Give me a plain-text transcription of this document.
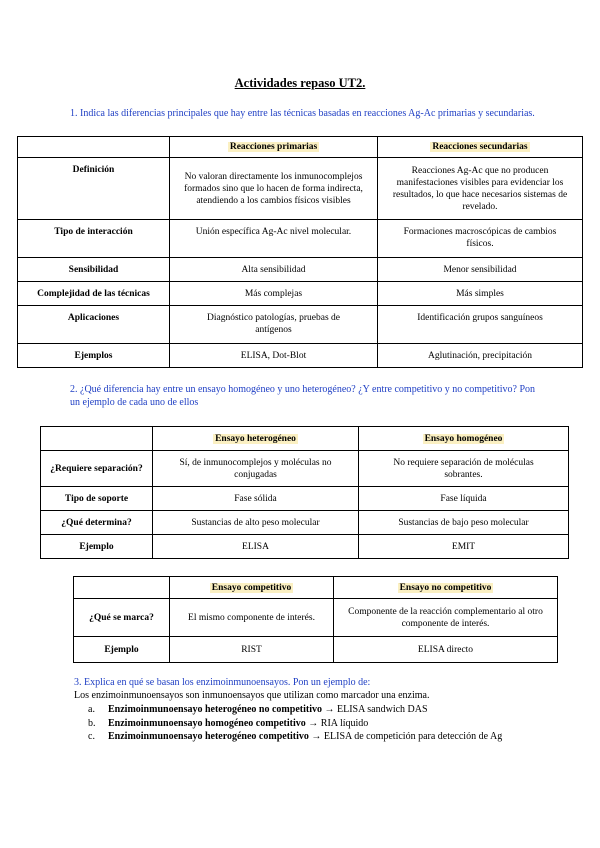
Actividades repaso UT2.
1. Indica las diferencias principales que hay entre las técnicas basadas en reacciones Ag-Ac primarias y secundarias.
	Reacciones primarias	Reacciones secundarias
Definición	No valoran directamente los inmunocomplejos formados sino que lo hacen de forma indirecta, atendiendo a los cambios físicos visibles	Reacciones Ag-Ac que no producen manifestaciones visibles para evidenciar los resultados, lo que hace necesarios sistemas de revelado.
Tipo de interacción	Unión específica Ag-Ac nivel molecular.	Formaciones macroscópicas de cambios físicos.
Sensibilidad	Alta sensibilidad	Menor sensibilidad
Complejidad de las técnicas	Más complejas	Más simples
Aplicaciones	Diagnóstico patologías, pruebas de antígenos	Identificación grupos sanguíneos
Ejemplos	ELISA, Dot-Blot	Aglutinación, precipitación
2. ¿Qué diferencia hay entre un ensayo homogéneo y uno heterogéneo? ¿Y entre competitivo y no competitivo? Pon un ejemplo de cada uno de ellos
	Ensayo heterogéneo	Ensayo homogéneo
¿Requiere separación?	Sí, de inmunocomplejos y moléculas no conjugadas	No requiere separación de moléculas sobrantes.
Tipo de soporte	Fase sólida	Fase líquida
¿Qué determina?	Sustancias de alto peso molecular	Sustancias de bajo peso molecular
Ejemplo	ELISA	EMIT
	Ensayo competitivo	Ensayo no competitivo
¿Qué se marca?	El mismo componente de interés.	Componente de la reacción complementario al otro componente de interés.
Ejemplo	RIST	ELISA directo
3. Explica en qué se basan los enzimoinmunoensayos. Pon un ejemplo de:
Los enzimoinmunoensayos son inmunoensayos que utilizan como marcador una enzima.
a.	Enzimoinmunoensayo heterogéneo no competitivo → ELISA sandwich DAS
b.	Enzimoinmunoensayo homogéneo competitivo → RIA líquido
c.	Enzimoinmunoensayo heterogéneo competitivo → ELISA de competición para detección de Ag
